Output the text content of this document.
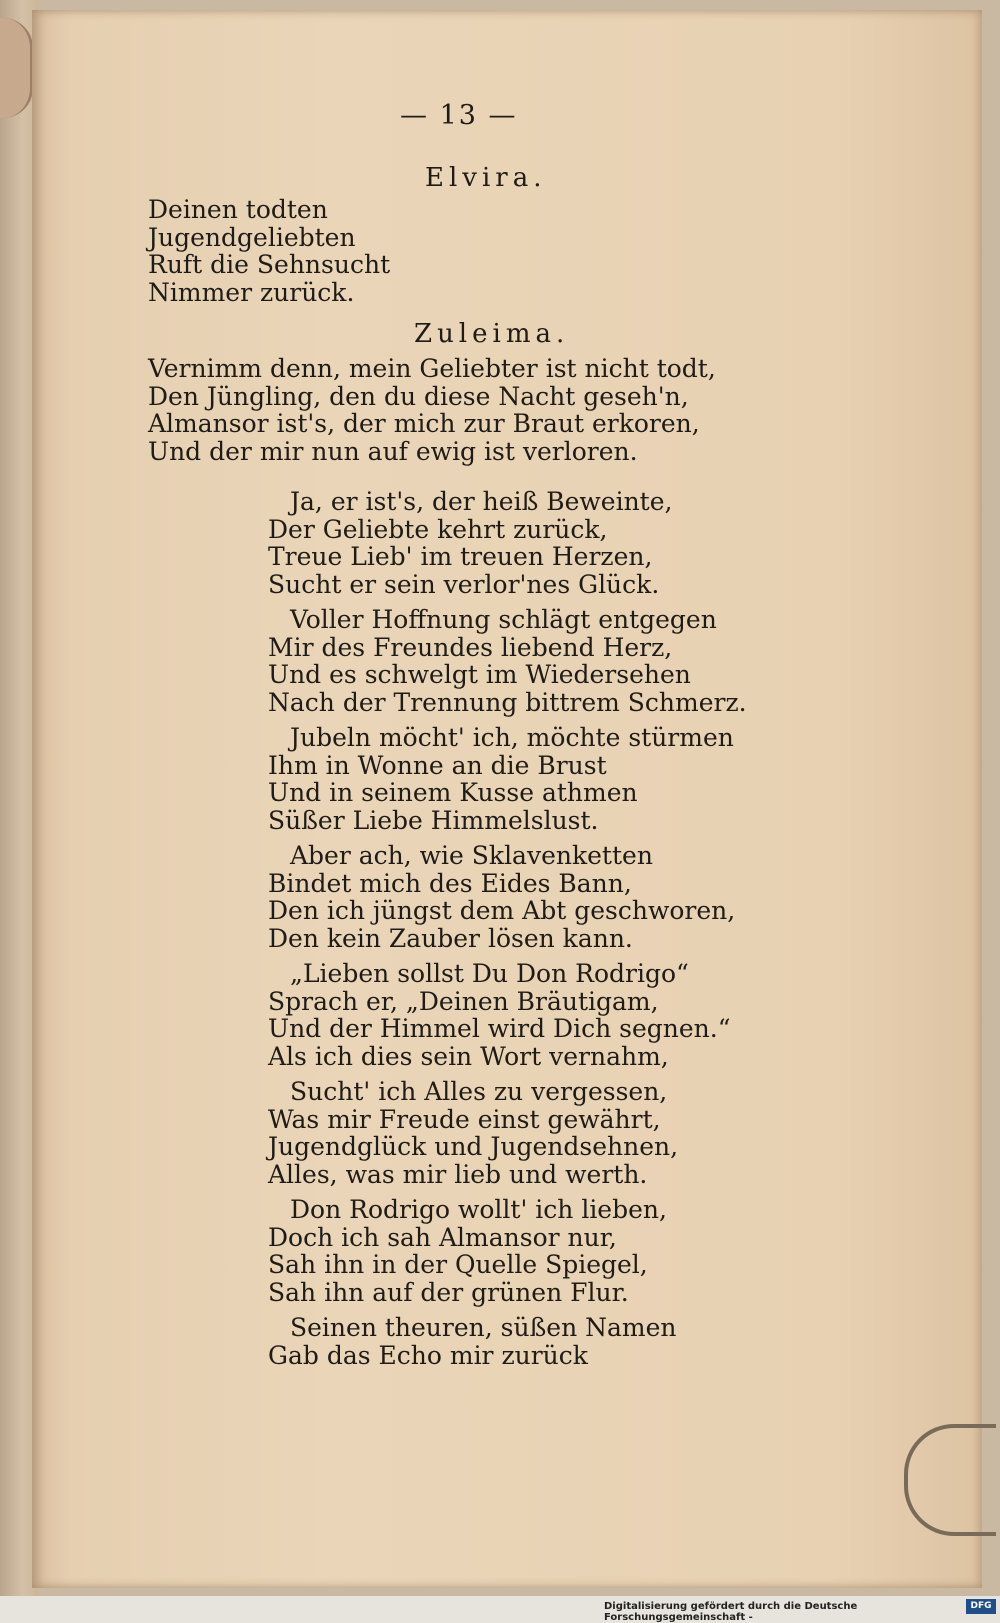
— 13 —
Elvira.
Deinen todten
Jugendgeliebten
Ruft die Sehnsucht
Nimmer zurück.
Zuleima.
Vernimm denn, mein Geliebter ist nicht todt,
Den Jüngling, den du diese Nacht geseh'n,
Almansor ist's, der mich zur Braut erkoren,
Und der mir nun auf ewig ist verloren.
Ja, er ist's, der heiß Beweinte,
Der Geliebte kehrt zurück,
Treue Lieb' im treuen Herzen,
Sucht er sein verlor'nes Glück.
Voller Hoffnung schlägt entgegen
Mir des Freundes liebend Herz,
Und es schwelgt im Wiedersehen
Nach der Trennung bittrem Schmerz.
Jubeln möcht' ich, möchte stürmen
Ihm in Wonne an die Brust
Und in seinem Kusse athmen
Süßer Liebe Himmelslust.
Aber ach, wie Sklavenketten
Bindet mich des Eides Bann,
Den ich jüngst dem Abt geschworen,
Den kein Zauber lösen kann.
„Lieben sollst Du Don Rodrigo“
Sprach er, „Deinen Bräutigam,
Und der Himmel wird Dich segnen.“
Als ich dies sein Wort vernahm,
Sucht' ich Alles zu vergessen,
Was mir Freude einst gewährt,
Jugendglück und Jugendsehnen,
Alles, was mir lieb und werth.
Don Rodrigo wollt' ich lieben,
Doch ich sah Almansor nur,
Sah ihn in der Quelle Spiegel,
Sah ihn auf der grünen Flur.
Seinen theuren, süßen Namen
Gab das Echo mir zurück
Digitalisierung gefördert durch die Deutsche Forschungsgemeinschaft -
DFG
